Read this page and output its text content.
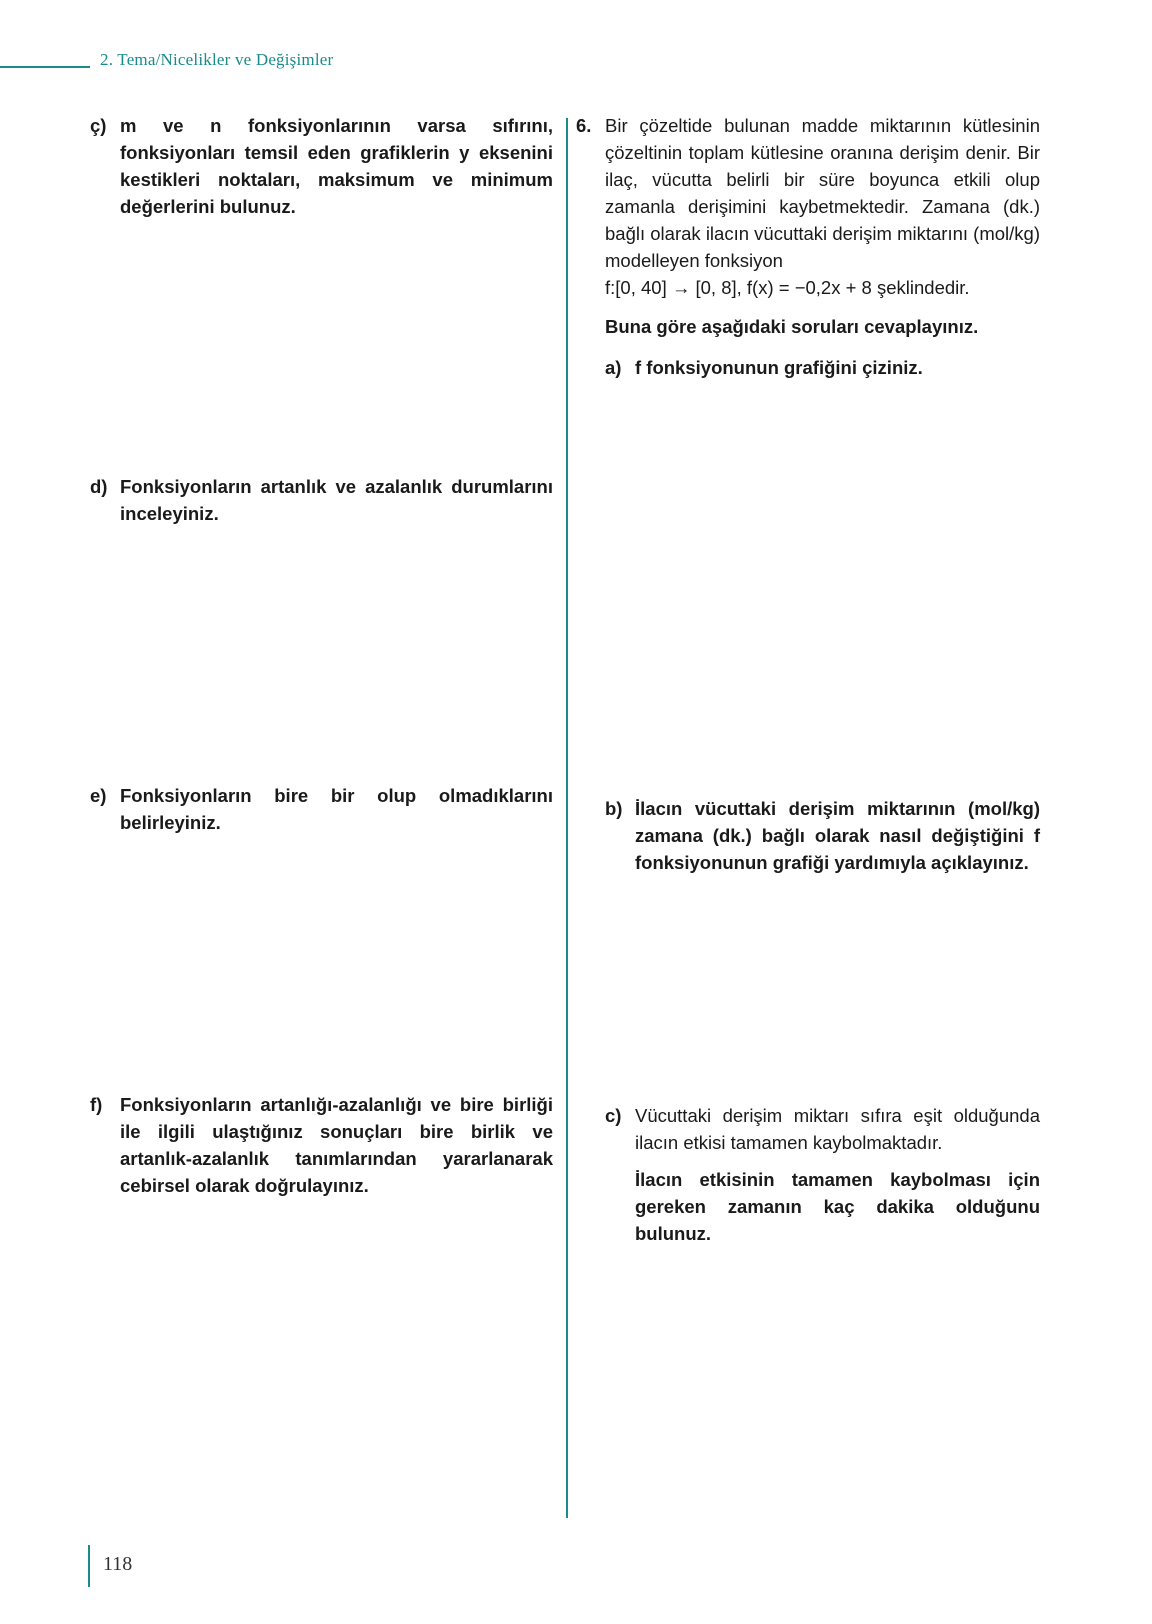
2. Tema/Nicelikler ve Değişimler
ç) m ve n fonksiyonlarının varsa sıfırını, fonksiyonları temsil eden grafiklerin y eksenini kestikleri noktaları, maksimum ve minimum değerlerini bulunuz.
d) Fonksiyonların artanlık ve azalanlık durumlarını inceleyiniz.
e) Fonksiyonların bire bir olup olmadıklarını belirleyiniz.
f) Fonksiyonların artanlığı-azalanlığı ve bire birliği ile ilgili ulaştığınız sonuçları bire birlik ve artanlık-azalanlık tanımlarından yararlanarak cebirsel olarak doğrulayınız.
6. Bir çözeltide bulunan madde miktarının kütlesinin çözeltinin toplam kütlesine oranına derişim denir. Bir ilaç, vücutta belirli bir süre boyunca etkili olup zamanla derişimini kaybetmektedir. Zamana (dk.) bağlı olarak ilacın vücuttaki derişim miktarını (mol/kg) modelleyen fonksiyon
f:[0, 40] → [0, 8], f(x) = −0,2x + 8 şeklindedir.
Buna göre aşağıdaki soruları cevaplayınız.
a) f fonksiyonunun grafiğini çiziniz.
b) İlacın vücuttaki derişim miktarının (mol/kg) zamana (dk.) bağlı olarak nasıl değiştiğini f fonksiyonunun grafiği yardımıyla açıklayınız.
c) Vücuttaki derişim miktarı sıfıra eşit olduğunda ilacın etkisi tamamen kaybolmaktadır.
İlacın etkisinin tamamen kaybolması için gereken zamanın kaç dakika olduğunu bulunuz.
118
